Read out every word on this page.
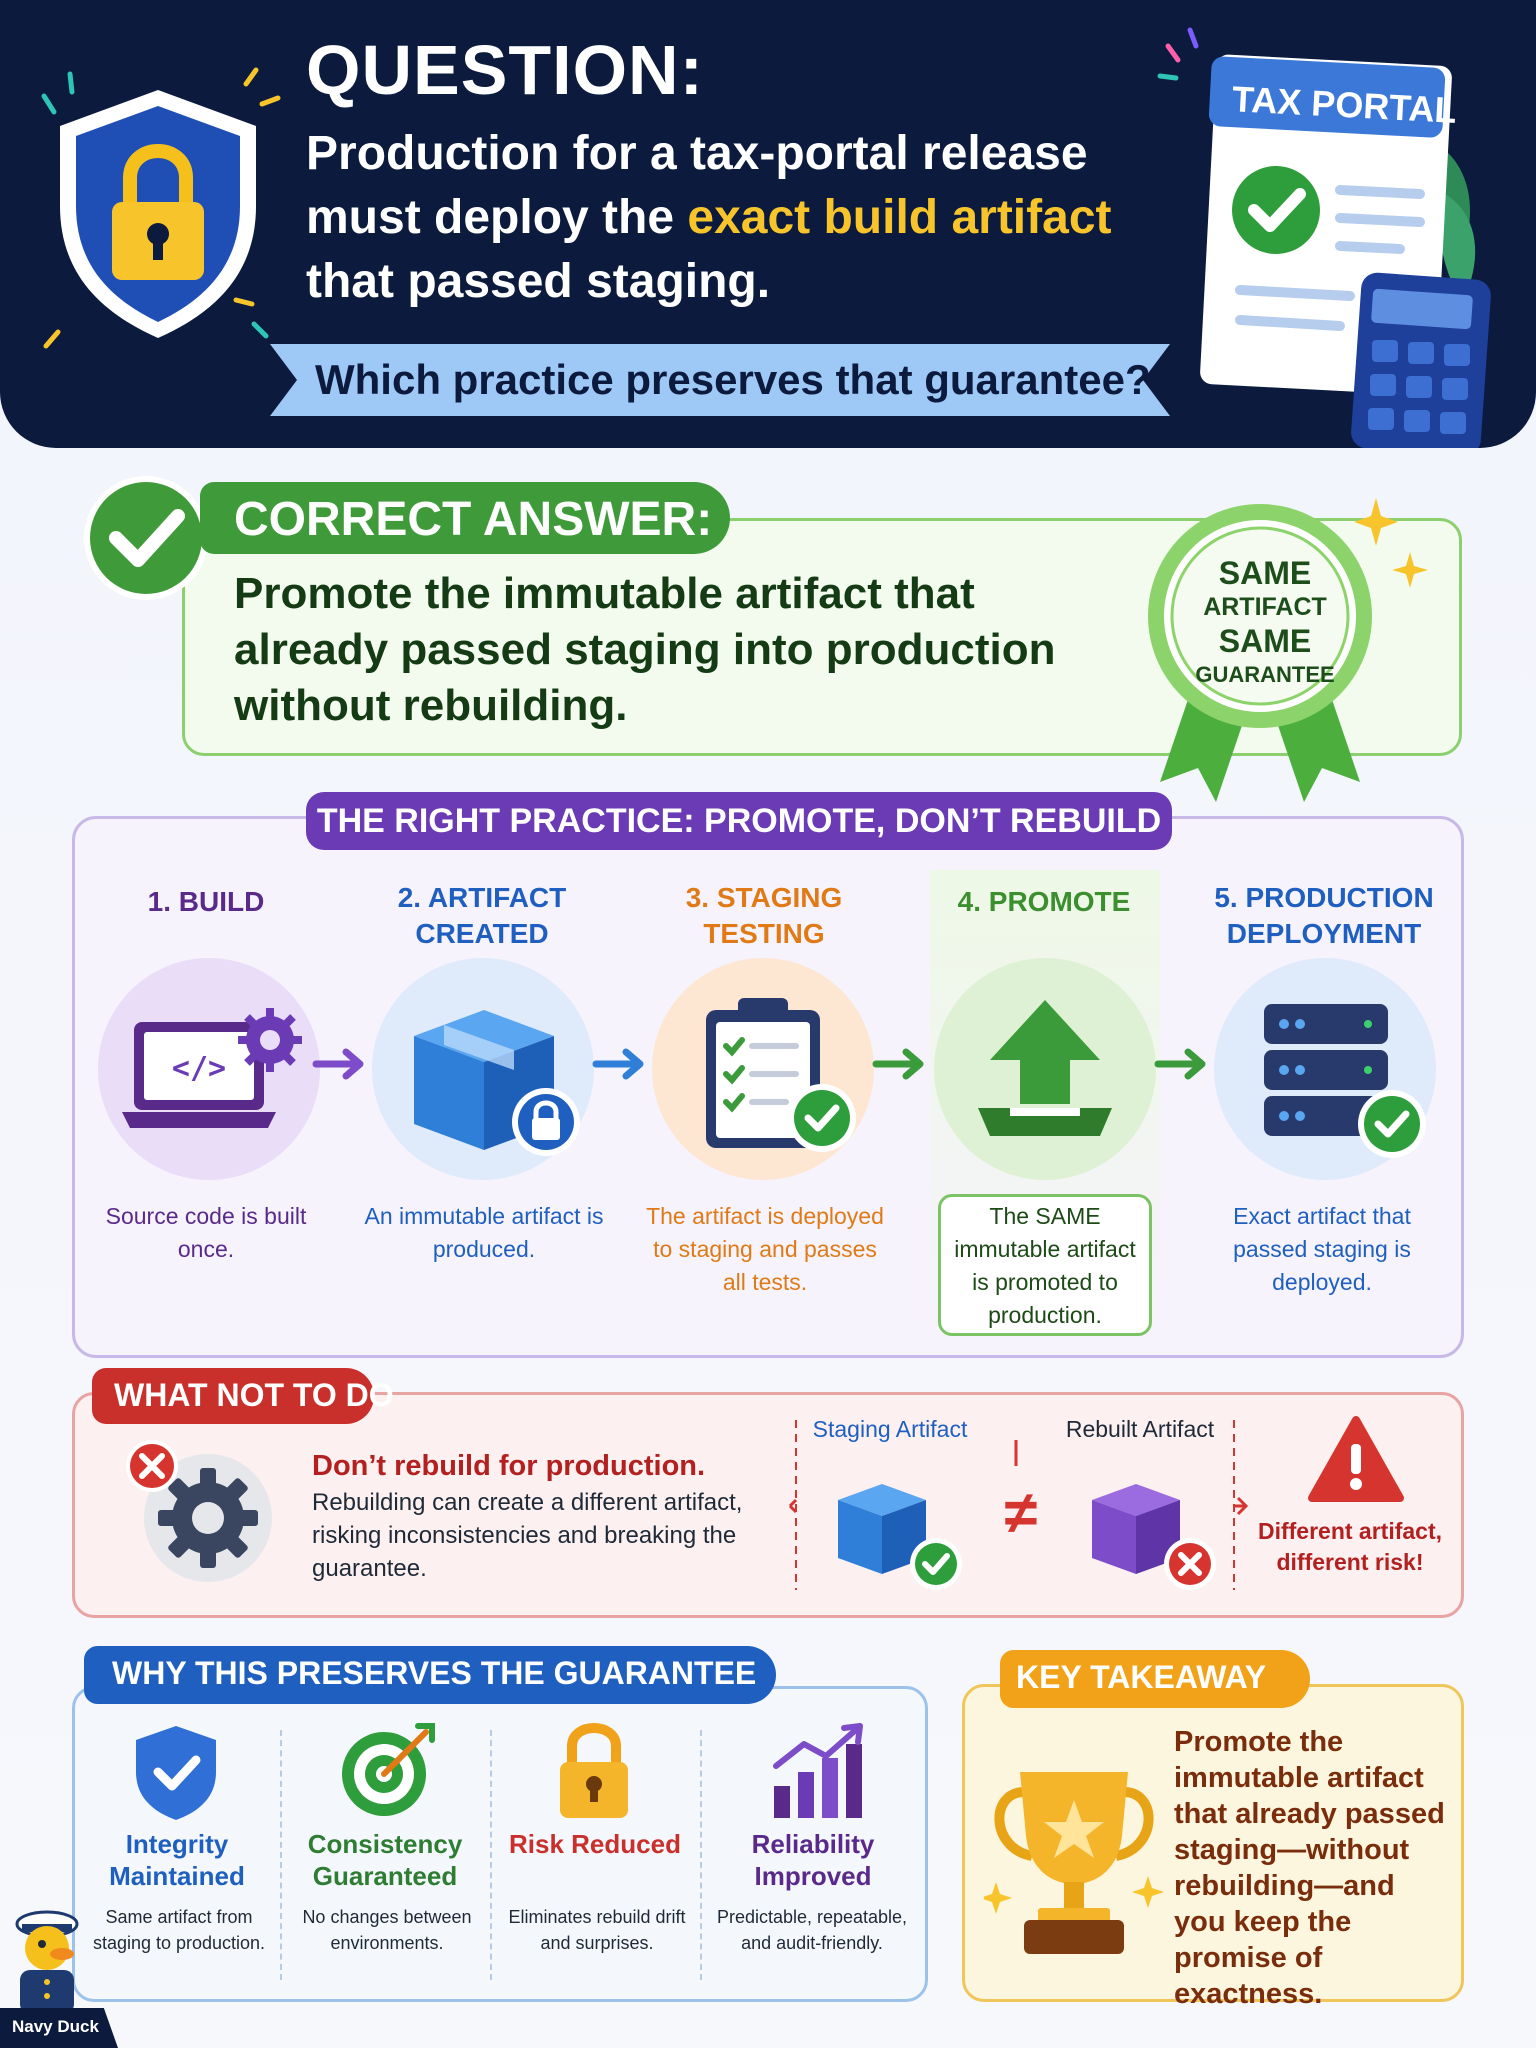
QUESTION:
Production for a tax-portal release
must deploy the exact build artifact
that passed staging.
Which practice preserves that guarantee?
TAX PORTAL
CORRECT ANSWER:
Promote the immutable artifact that already passed staging into production without rebuilding.
SAME
ARTIFACT
SAME
GUARANTEE
THE RIGHT PRACTICE: PROMOTE, DON’T REBUILD
1. BUILD	2. ARTIFACT CREATED
3. STAGING TESTING
4. PROMOTE	5. PRODUCTION DEPLOYMENT
</>
Source code is built once.
An immutable artifact is produced.
The artifact is deployed to staging and passes all tests.
The SAME immutable artifact is promoted to production.
Exact artifact that passed staging is deployed.
WHAT NOT TO DO
Don’t rebuild for production.
Rebuilding can create a different artifact, risking inconsistencies and breaking the guarantee.
Staging Artifact	Rebuilt Artifact
≠	Different artifact, different risk!
WHY THIS PRESERVES THE GUARANTEE
Integrity Maintained
Consistency Guaranteed
Risk Reduced	Reliability Improved
Same artifact from staging to production.
No changes between environments.
Eliminates rebuild drift and surprises.
Predictable, repeatable, and audit-friendly.
KEY TAKEAWAY
Promote the immutable artifact that already passed staging—without rebuilding—and you keep the promise of exactness.
Navy Duck
